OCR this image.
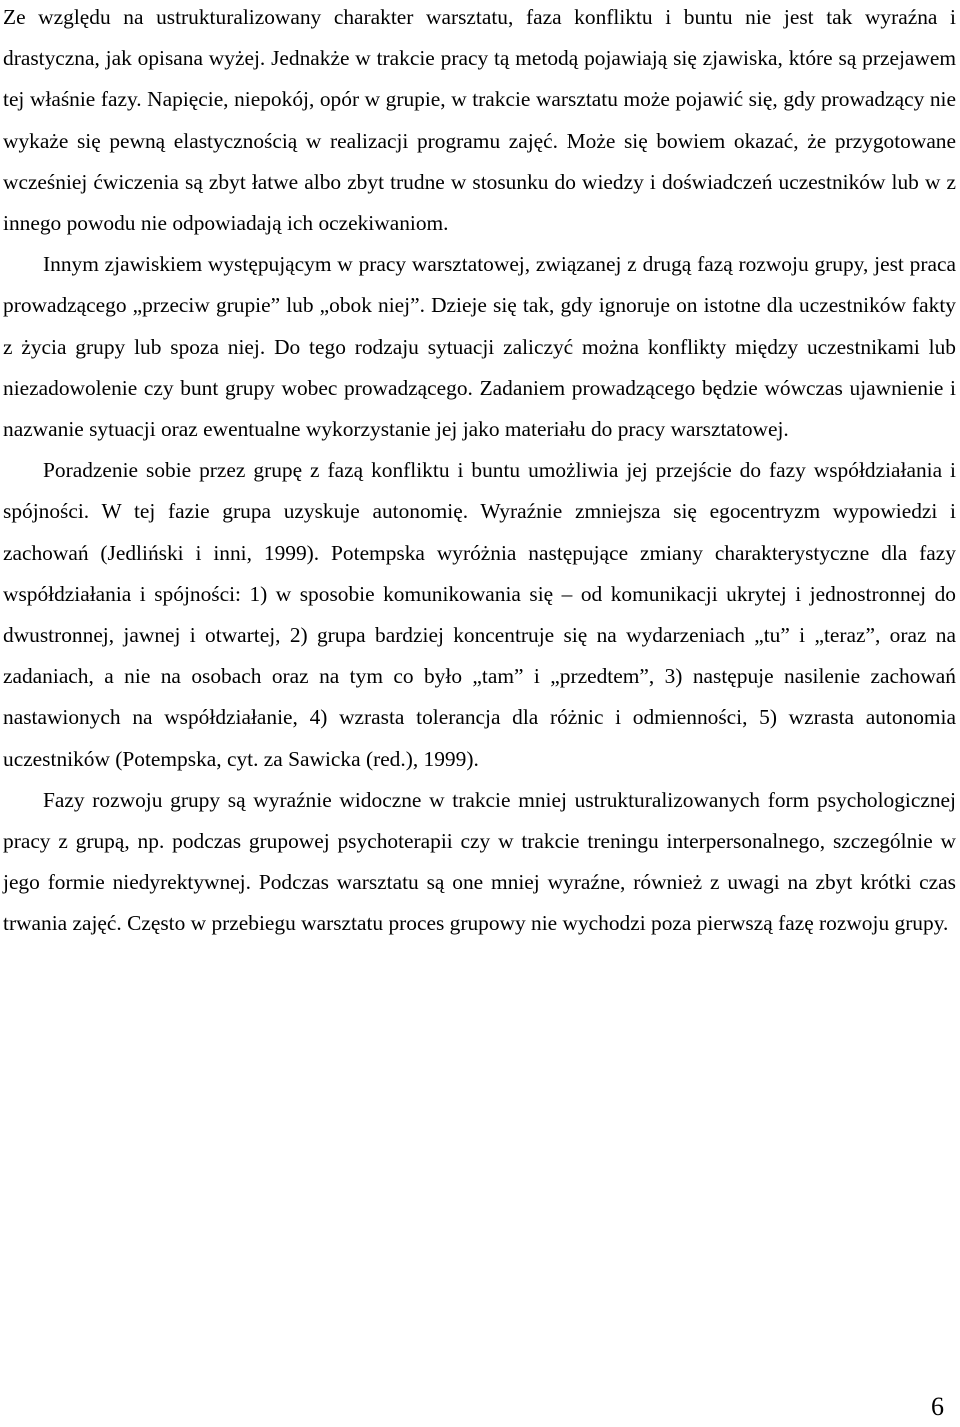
Ze względu na ustrukturalizowany charakter warsztatu, faza konfliktu i buntu nie jest tak wyraźna i drastyczna, jak opisana wyżej. Jednakże w trakcie pracy tą metodą pojawiają się zjawiska, które są przejawem tej właśnie fazy. Napięcie, niepokój, opór w grupie, w trakcie warsztatu może pojawić się, gdy prowadzący nie wykaże się pewną elastycznością w realizacji programu zajęć. Może się bowiem okazać, że przygotowane wcześniej ćwiczenia są zbyt łatwe albo zbyt trudne w stosunku do wiedzy i doświadczeń uczestników lub w z innego powodu nie odpowiadają ich oczekiwaniom.

Innym zjawiskiem występującym w pracy warsztatowej, związanej z drugą fazą rozwoju grupy, jest praca prowadzącego „przeciw grupie” lub „obok niej”. Dzieje się tak, gdy ignoruje on istotne dla uczestników fakty z życia grupy lub spoza niej. Do tego rodzaju sytuacji zaliczyć można konflikty między uczestnikami lub niezadowolenie czy bunt grupy wobec prowadzącego. Zadaniem prowadzącego będzie wówczas ujawnienie i nazwanie sytuacji oraz ewentualne wykorzystanie jej jako materiału do pracy warsztatowej.

Poradzenie sobie przez grupę z fazą konfliktu i buntu umożliwia jej przejście do fazy współdziałania i spójności. W tej fazie grupa uzyskuje autonomię. Wyraźnie zmniejsza się egocentryzm wypowiedzi i zachowań (Jedliński i inni, 1999). Potempska wyróżnia następujące zmiany charakterystyczne dla fazy współdziałania i spójności: 1) w sposobie komunikowania się – od komunikacji ukrytej i jednostronnej do dwustronnej, jawnej i otwartej, 2) grupa bardziej koncentruje się na wydarzeniach „tu” i „teraz”, oraz na zadaniach, a nie na osobach oraz na tym co było „tam” i „przedtem”, 3) następuje nasilenie zachowań nastawionych na współdziałanie, 4) wzrasta tolerancja dla różnic i odmienności, 5) wzrasta autonomia uczestników (Potempska, cyt. za Sawicka (red.), 1999).

Fazy rozwoju grupy są wyraźnie widoczne w trakcie mniej ustrukturalizowanych form psychologicznej pracy z grupą, np. podczas grupowej psychoterapii czy w trakcie treningu interpersonalnego, szczególnie w jego formie niedyrektywnej. Podczas warsztatu są one mniej wyraźne, również z uwagi na zbyt krótki czas trwania zajęć. Często w przebiegu warsztatu proces grupowy nie wychodzi poza pierwszą fazę rozwoju grupy.

6
